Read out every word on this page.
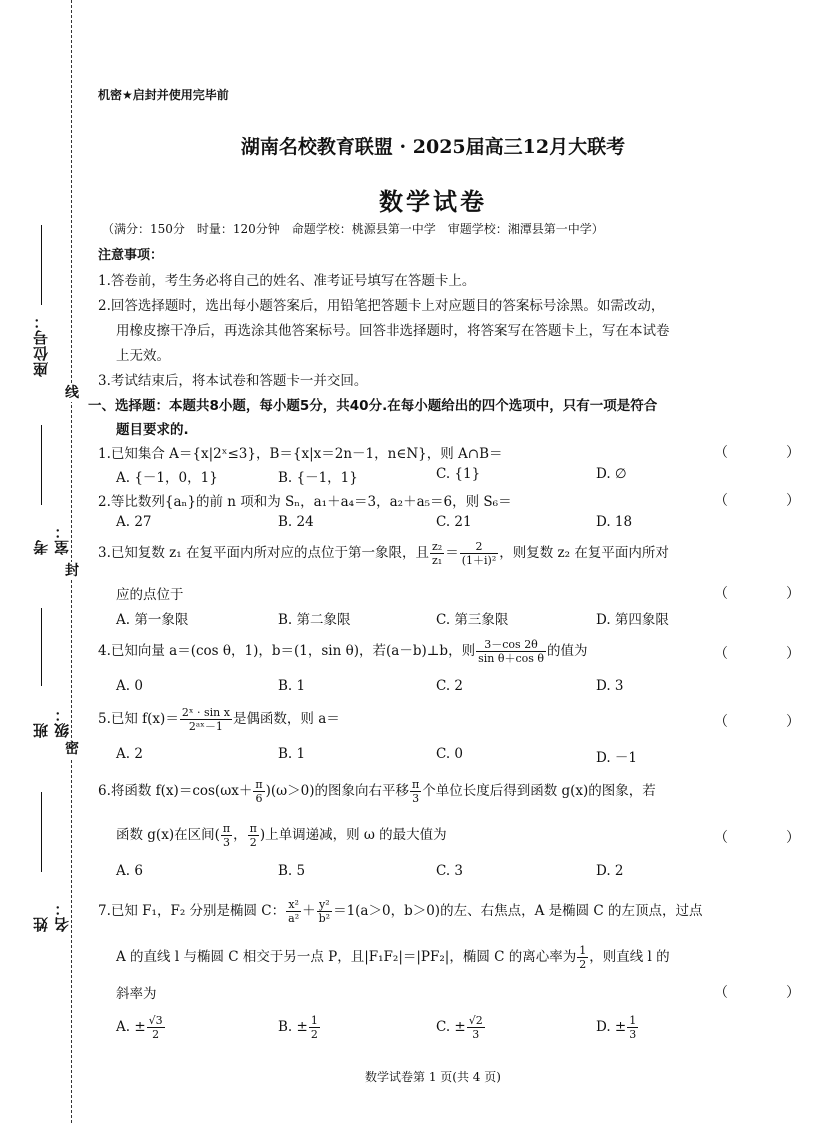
线
封
密
座位号：
考室：
班级：
姓名：
机密★启封并使用完毕前
湖南名校教育联盟 · 2025届高三12月大联考
数学试卷
（满分：150分　时量：120分钟　命题学校：桃源县第一中学　审题学校：湘潭县第一中学）
注意事项：
1.答卷前，考生务必将自己的姓名、准考证号填写在答题卡上。
2.回答选择题时，选出每小题答案后，用铅笔把答题卡上对应题目的答案标号涂黑。如需改动，
用橡皮擦干净后，再选涂其他答案标号。回答非选择题时，将答案写在答题卡上，写在本试卷
上无效。
3.考试结束后，将本试卷和答题卡一并交回。
一、选择题：本题共8小题，每小题5分，共40分.在每小题给出的四个选项中，只有一项是符合
题目要求的.
1.已知集合 A＝{x|2ˣ≤3}，B＝{x|x＝2n－1，n∈N}，则 A∩B＝	（　）
A. {－1，0，1}	B. {－1，1}	C. {1}	D. ∅
2.等比数列{aₙ}的前 n 项和为 Sₙ，a₁＋a₄＝3，a₂＋a₅＝6，则 S₆＝	（　）
A. 27	B. 24	C. 21	D. 18
3.已知复数 z₁ 在复平面内所对应的点位于第一象限，且 $\frac{\text{z₂}}{\text{z₁}} = \frac{2}{\text{(1＋i)²}}$ ，则复数 z₂ 在复平面内所对
应的点位于	（　）
A. 第一象限	B. 第二象限	C. 第三象限	D. 第四象限
4.已知向量 a＝(cos θ，1)，b＝(1，sin θ)，若(a－b)⊥b，则 $\frac{3-\cos 2\theta}{\text{sin θ＋cos θ}}$ 的值为	（　）
A. 0	B. 1	C. 2	D. 3
5.已知 $f(x)= \frac{\text{2ˣ · sin x}}{\text{2ᵃˣ－1}}$ 是偶函数，则 a＝	（　）
A. 2	B. 1	C. 0	D. －1
6.将函数 $f(x)=\cos(\omega x+ \frac{\pi}{6} )(\omega>0)$的图象向右平移 $\frac{\pi}{3}$ 个单位长度后得到函数 g(x)的图象，若
函数 g(x)在区间( $\frac{\pi}{3}$ ， $\frac{\pi}{2}$ )上单调递减，则 ω 的最大值为	（　）
A. 6	B. 5	C. 3	D. 2
7.已知 F₁，F₂ 分别是椭圆 C： $\frac{\text{x²}}{\text{a²}} + \frac{\text{y²}}{\text{b²}} =1(a>0$，b＞0)的左、右焦点，A 是椭圆 C 的左顶点，过点
A 的直线 l 与椭圆 C 相交于另一点 P，且|F₁F₂|＝|PF₂|，椭圆 C 的离心率为 $\frac{1}{2}$ ，则直线 l 的
斜率为	（　）
A. ± $\frac{√3}{2}$	B. ± $\frac{1}{2}$	C. ± $\frac{√2}{3}$	D. ± $\frac{1}{3}$
数学试卷第 1 页(共 4 页)
